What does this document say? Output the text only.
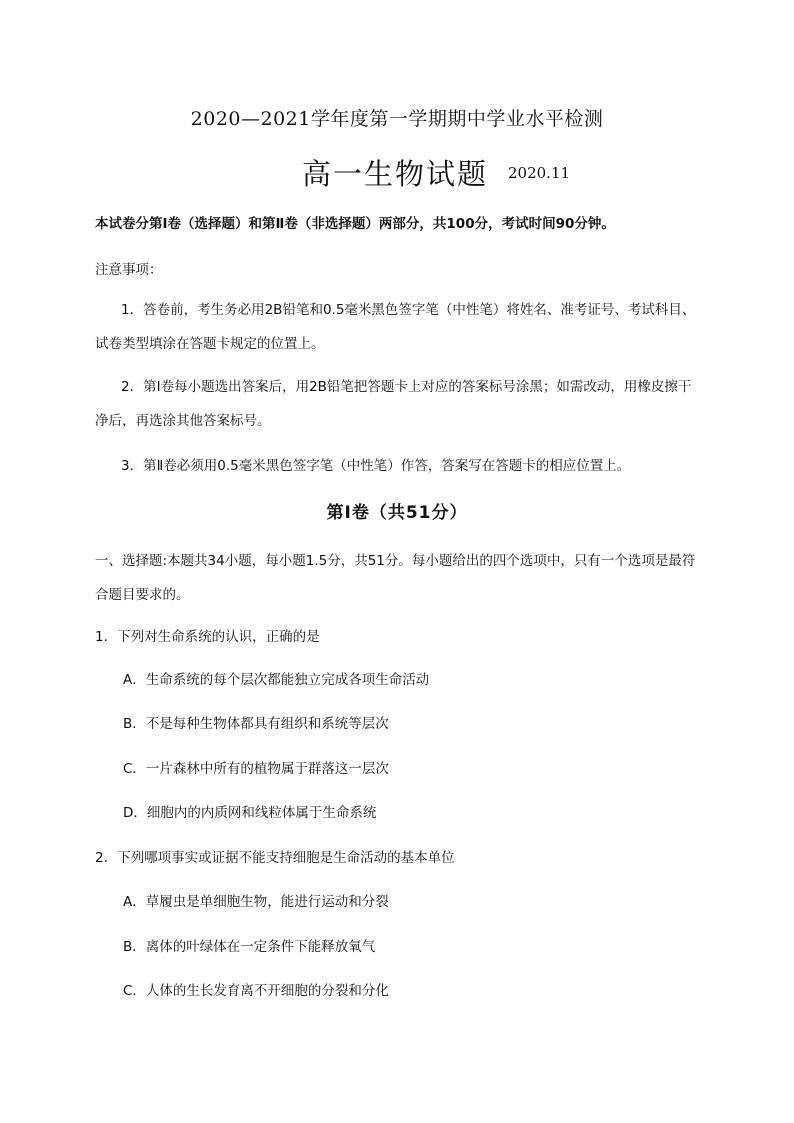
2020—2021学年度第一学期期中学业水平检测
高一生物试题 2020.11
本试卷分第Ⅰ卷（选择题）和第Ⅱ卷（非选择题）两部分，共100分，考试时间90分钟。
注意事项：
1．答卷前，考生务必用2B铅笔和0.5毫米黑色签字笔（中性笔）将姓名、准考证号、考试科目、试卷类型填涂在答题卡规定的位置上。
2．第Ⅰ卷每小题选出答案后，用2B铅笔把答题卡上对应的答案标号涂黑；如需改动，用橡皮擦干净后，再选涂其他答案标号。
3．第Ⅱ卷必须用0.5毫米黑色签字笔（中性笔）作答，答案写在答题卡的相应位置上。
第Ⅰ卷（共51分）
一、选择题:本题共34小题，每小题1.5分，共51分。每小题给出的四个选项中，只有一个选项是最符合题目要求的。
1．下列对生命系统的认识，正确的是
A．生命系统的每个层次都能独立完成各项生命活动
B．不是每种生物体都具有组织和系统等层次
C．一片森林中所有的植物属于群落这一层次
D．细胞内的内质网和线粒体属于生命系统
2．下列哪项事实或证据不能支持细胞是生命活动的基本单位
A．草履虫是单细胞生物，能进行运动和分裂
B．离体的叶绿体在一定条件下能释放氧气
C．人体的生长发育离不开细胞的分裂和分化
